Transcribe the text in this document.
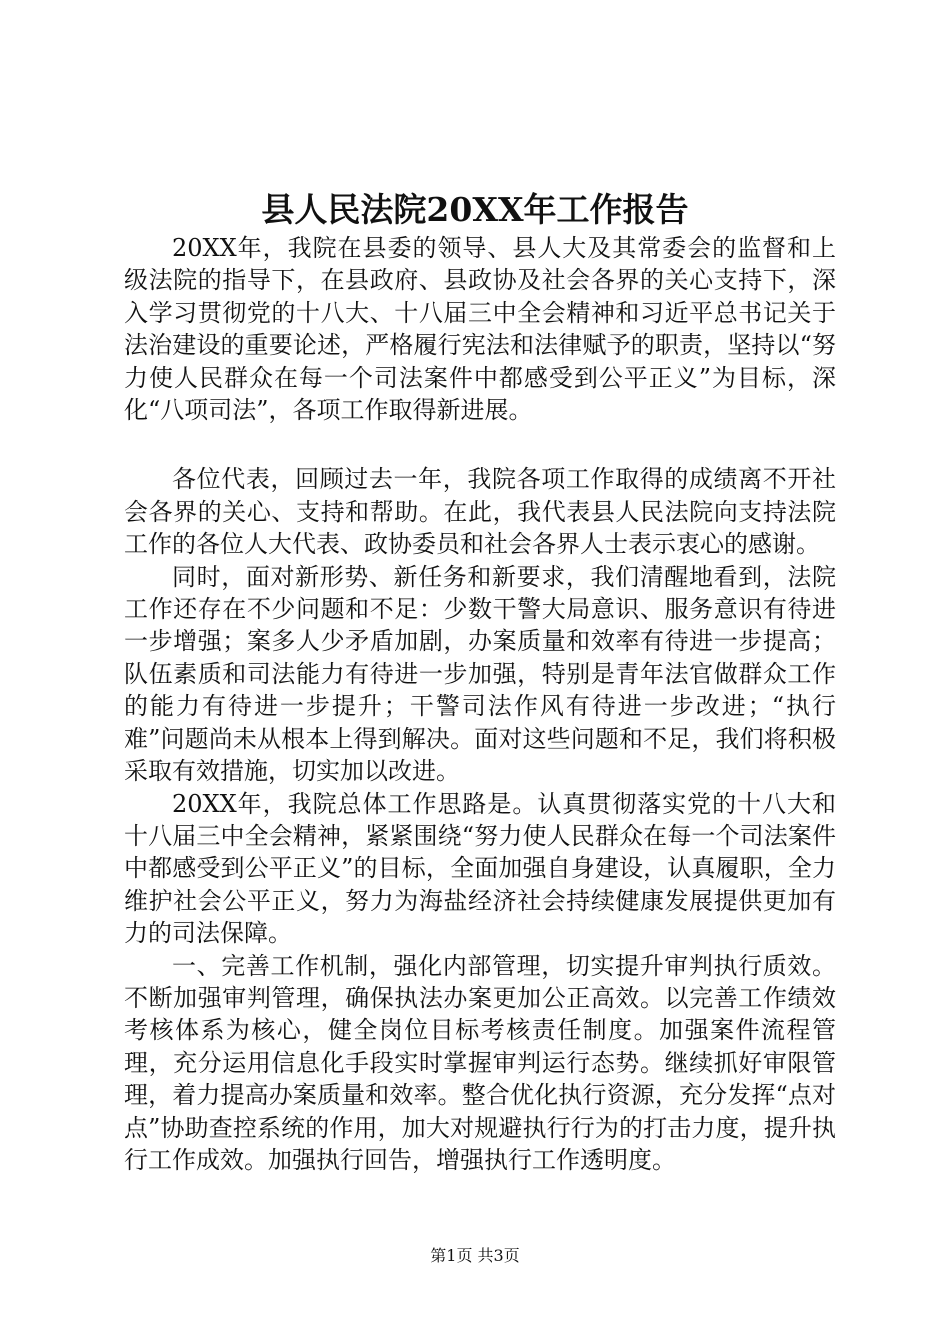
县人民法院20XX年工作报告

20XX年，我院在县委的领导、县人大及其常委会的监督和上级法院的指导下，在县政府、县政协及社会各界的关心支持下，深入学习贯彻党的十八大、十八届三中全会精神和习近平总书记关于法治建设的重要论述，严格履行宪法和法律赋予的职责，坚持以“努力使人民群众在每一个司法案件中都感受到公平正义”为目标，深化“八项司法”，各项工作取得新进展。

各位代表，回顾过去一年，我院各项工作取得的成绩离不开社会各界的关心、支持和帮助。在此，我代表县人民法院向支持法院工作的各位人大代表、政协委员和社会各界人士表示衷心的感谢。

同时，面对新形势、新任务和新要求，我们清醒地看到，法院工作还存在不少问题和不足：少数干警大局意识、服务意识有待进一步增强；案多人少矛盾加剧，办案质量和效率有待进一步提高；队伍素质和司法能力有待进一步加强，特别是青年法官做群众工作的能力有待进一步提升；干警司法作风有待进一步改进；“执行难”问题尚未从根本上得到解决。面对这些问题和不足，我们将积极采取有效措施，切实加以改进。

20XX年，我院总体工作思路是。认真贯彻落实党的十八大和十八届三中全会精神，紧紧围绕“努力使人民群众在每一个司法案件中都感受到公平正义”的目标，全面加强自身建设，认真履职，全力维护社会公平正义，努力为海盐经济社会持续健康发展提供更加有力的司法保障。

一、完善工作机制，强化内部管理，切实提升审判执行质效。不断加强审判管理，确保执法办案更加公正高效。以完善工作绩效考核体系为核心，健全岗位目标考核责任制度。加强案件流程管理，充分运用信息化手段实时掌握审判运行态势。继续抓好审限管理，着力提高办案质量和效率。整合优化执行资源，充分发挥“点对点”协助查控系统的作用，加大对规避执行行为的打击力度，提升执行工作成效。加强执行回告，增强执行工作透明度。

第1页 共3页
